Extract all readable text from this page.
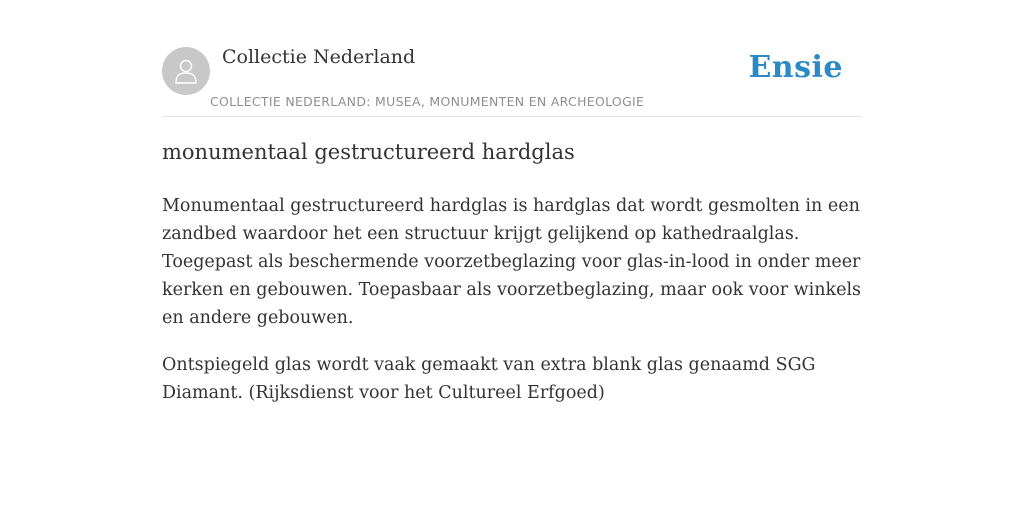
Collectie Nederland
COLLECTIE NEDERLAND: MUSEA, MONUMENTEN EN ARCHEOLOGIE
Ensie
monumentaal gestructureerd hardglas

Monumentaal gestructureerd hardglas is hardglas dat wordt gesmolten in een zandbed waardoor het een structuur krijgt gelijkend op kathedraalglas. Toegepast als beschermende voorzetbeglazing voor glas-in-lood in onder meer kerken en gebouwen. Toepasbaar als voorzetbeglazing, maar ook voor winkels en andere gebouwen.

Ontspiegeld glas wordt vaak gemaakt van extra blank glas genaamd SGG Diamant. (Rijksdienst voor het Cultureel Erfgoed)
